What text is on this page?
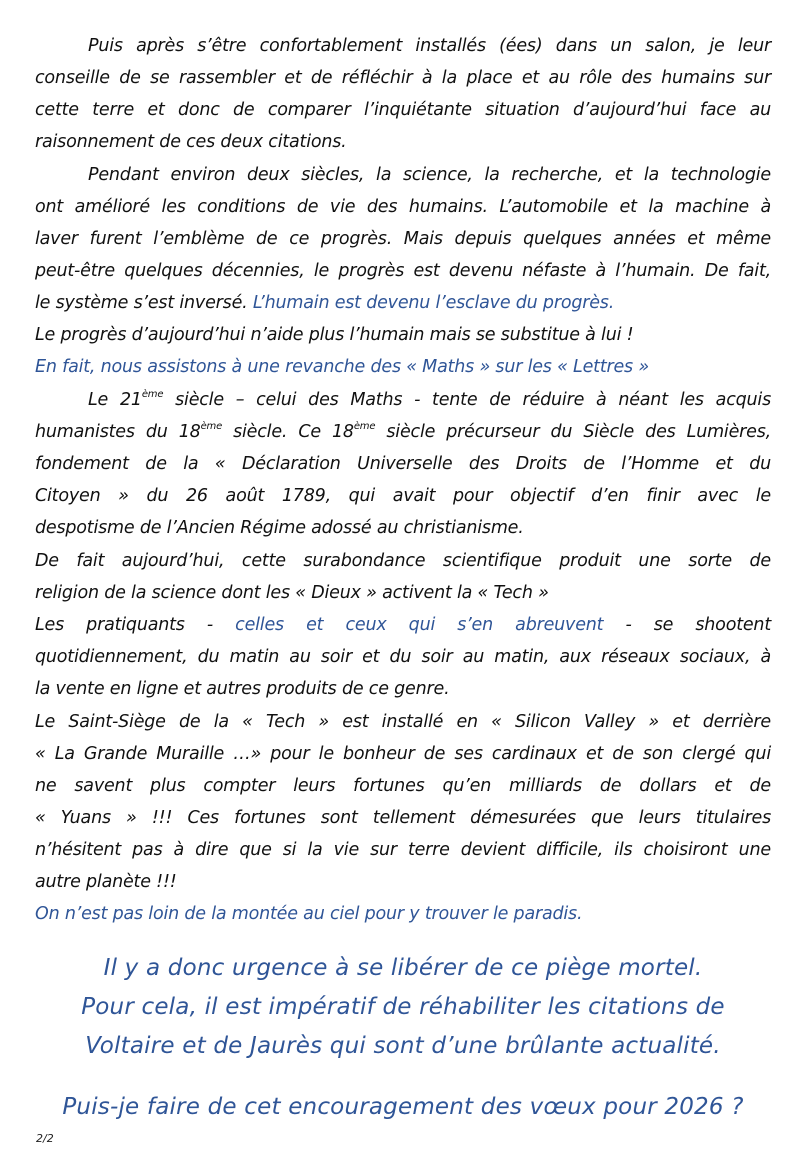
Puis après s’être confortablement installés (ées) dans un salon, je leur
conseille de se rassembler et de réfléchir à la place et au rôle des humains sur
cette terre et donc de comparer l’inquiétante situation d’aujourd’hui face au
raisonnement de ces deux citations.
Pendant environ deux siècles, la science, la recherche, et la technologie
ont amélioré les conditions de vie des humains. L’automobile et la machine à
laver furent l’emblème de ce progrès. Mais depuis quelques années et même
peut-être quelques décennies, le progrès est devenu néfaste à l’humain. De fait,
le système s’est inversé. L’humain est devenu l’esclave du progrès.
Le progrès d’aujourd’hui n’aide plus l’humain mais se substitue à lui !
En fait, nous assistons à une revanche des « Maths » sur les « Lettres »
Le 21ème siècle – celui des Maths - tente de réduire à néant les acquis
humanistes du 18ème siècle. Ce 18ème siècle précurseur du Siècle des Lumières,
fondement de la « Déclaration Universelle des Droits de l’Homme et du
Citoyen » du 26 août 1789, qui avait pour objectif d’en finir avec le
despotisme de l’Ancien Régime adossé au christianisme.
De fait aujourd’hui, cette surabondance scientifique produit une sorte de
religion de la science dont les « Dieux » activent la « Tech »
Les pratiquants - celles et ceux qui s’en abreuvent - se shootent
quotidiennement, du matin au soir et du soir au matin, aux réseaux sociaux, à
la vente en ligne et autres produits de ce genre.
Le Saint-Siège de la « Tech » est installé en « Silicon Valley » et derrière
« La Grande Muraille …» pour le bonheur de ses cardinaux et de son clergé qui
ne savent plus compter leurs fortunes qu’en milliards de dollars et de
« Yuans » !!! Ces fortunes sont tellement démesurées que leurs titulaires
n’hésitent pas à dire que si la vie sur terre devient difficile, ils choisiront une
autre planète !!!
On n’est pas loin de la montée au ciel pour y trouver le paradis.
Il y a donc urgence à se libérer de ce piège mortel.
Pour cela, il est impératif de réhabiliter les citations de
Voltaire et de Jaurès qui sont d’une brûlante actualité.
Puis-je faire de cet encouragement des vœux pour 2026 ?
2/2
